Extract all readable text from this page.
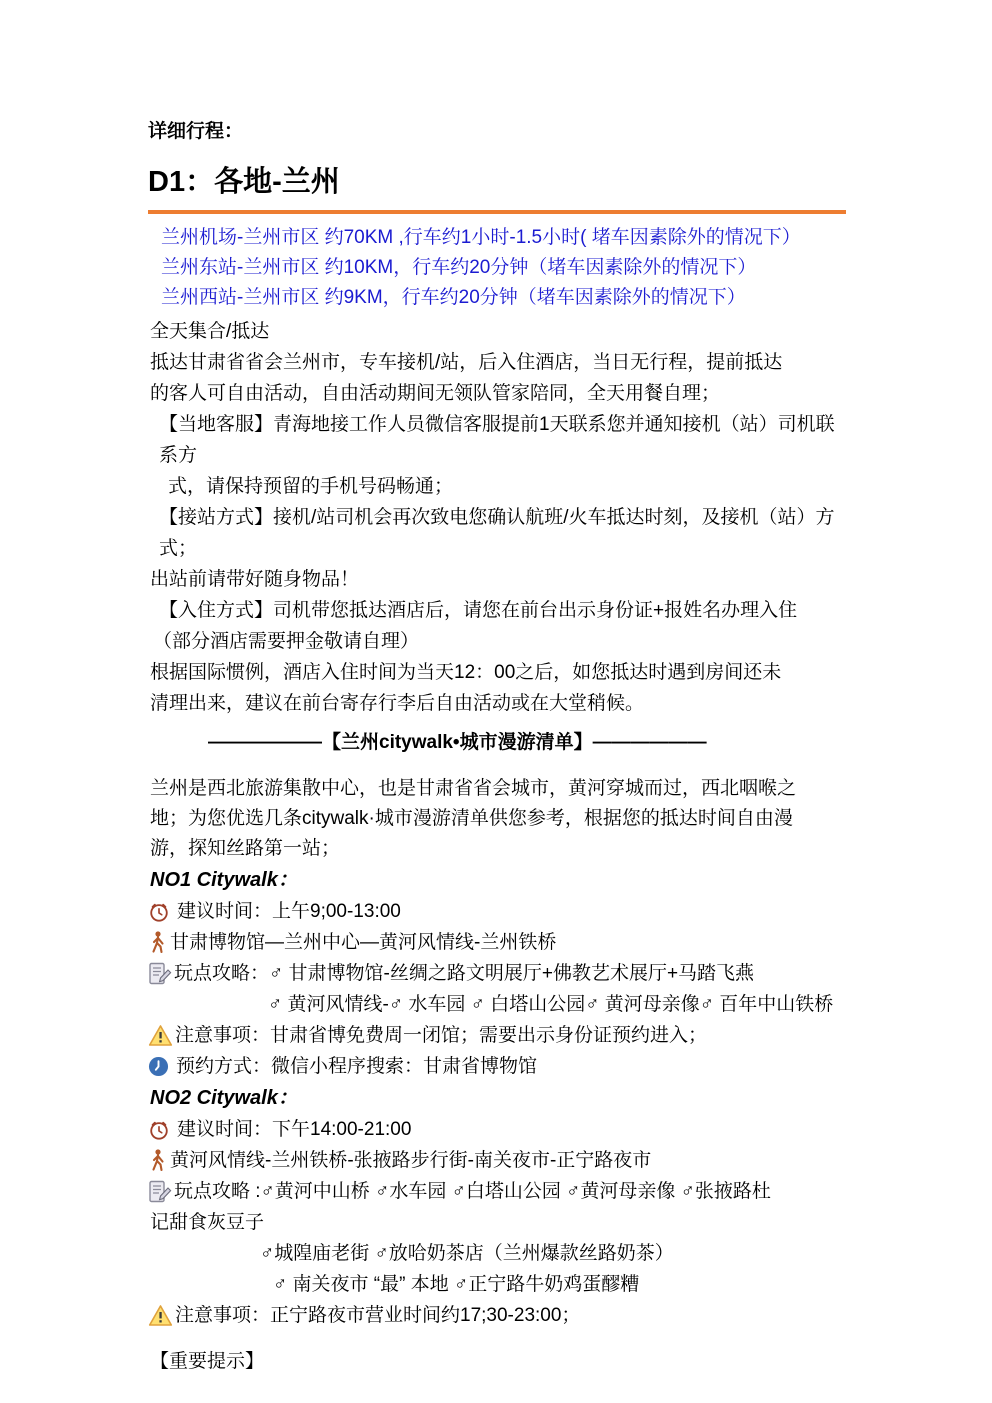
详细行程：
D1：各地-兰州

兰州机场-兰州市区 约70KM ,行车约1小时-1.5小时( 堵车因素除外的情况下）

兰州东站-兰州市区 约10KM，行车约20分钟（堵车因素除外的情况下）

兰州西站-兰州市区 约9KM，行车约20分钟（堵车因素除外的情况下）

全天集合/抵达

抵达甘肃省省会兰州市，专车接机/站，后入住酒店，当日无行程，提前抵达

的客人可自由活动，自由活动期间无领队管家陪同，全天用餐自理；

【当地客服】青海地接工作人员微信客服提前1天联系您并通知接机（站）司机联系方

式，请保持预留的手机号码畅通；

【接站方式】接机/站司机会再次致电您确认航班/火车抵达时刻，及接机（站）方式；

出站前请带好随身物品！

【入住方式】司机带您抵达酒店后，请您在前台出示身份证+报姓名办理入住

（部分酒店需要押金敬请自理）

根据国际惯例，酒店入住时间为当天12：00之后，如您抵达时遇到房间还未

清理出来，建议在前台寄存行李后自由活动或在大堂稍候。

——————【兰州citywalk•城市漫游清单】——————

兰州是西北旅游集散中心，也是甘肃省省会城市，黄河穿城而过，西北咽喉之

地；为您优选几条citywalk·城市漫游清单供您参考，根据您的抵达时间自由漫

游，探知丝路第一站；

NO1 Citywalk：
建议时间：上午9;00-13:00
甘肃博物馆—兰州中心—黄河风情线-兰州铁桥
玩点攻略：♂ 甘肃博物馆-丝绸之路文明展厅+佛教艺术展厅+马踏飞燕

♂ 黄河风情线-♂ 水车园 ♂ 白塔山公园♂ 黄河母亲像♂ 百年中山铁桥

注意事项：甘肃省博免费周一闭馆；需要出示身份证预约进入；
预约方式：微信小程序搜索：甘肃省博物馆
NO2 Citywalk：
建议时间：下午14:00-21:00
黄河风情线-兰州铁桥-张掖路步行街-南关夜市-正宁路夜市
玩点攻略 :♂黄河中山桥 ♂水车园 ♂白塔山公园 ♂黄河母亲像 ♂张掖路杜

记甜食灰豆子

♂城隍庙老街 ♂放哈奶茶店（兰州爆款丝路奶茶）

♂ 南关夜市 “最” 本地 ♂正宁路牛奶鸡蛋醪糟

注意事项：正宁路夜市营业时间约17;30-23:00；
【重要提示】
